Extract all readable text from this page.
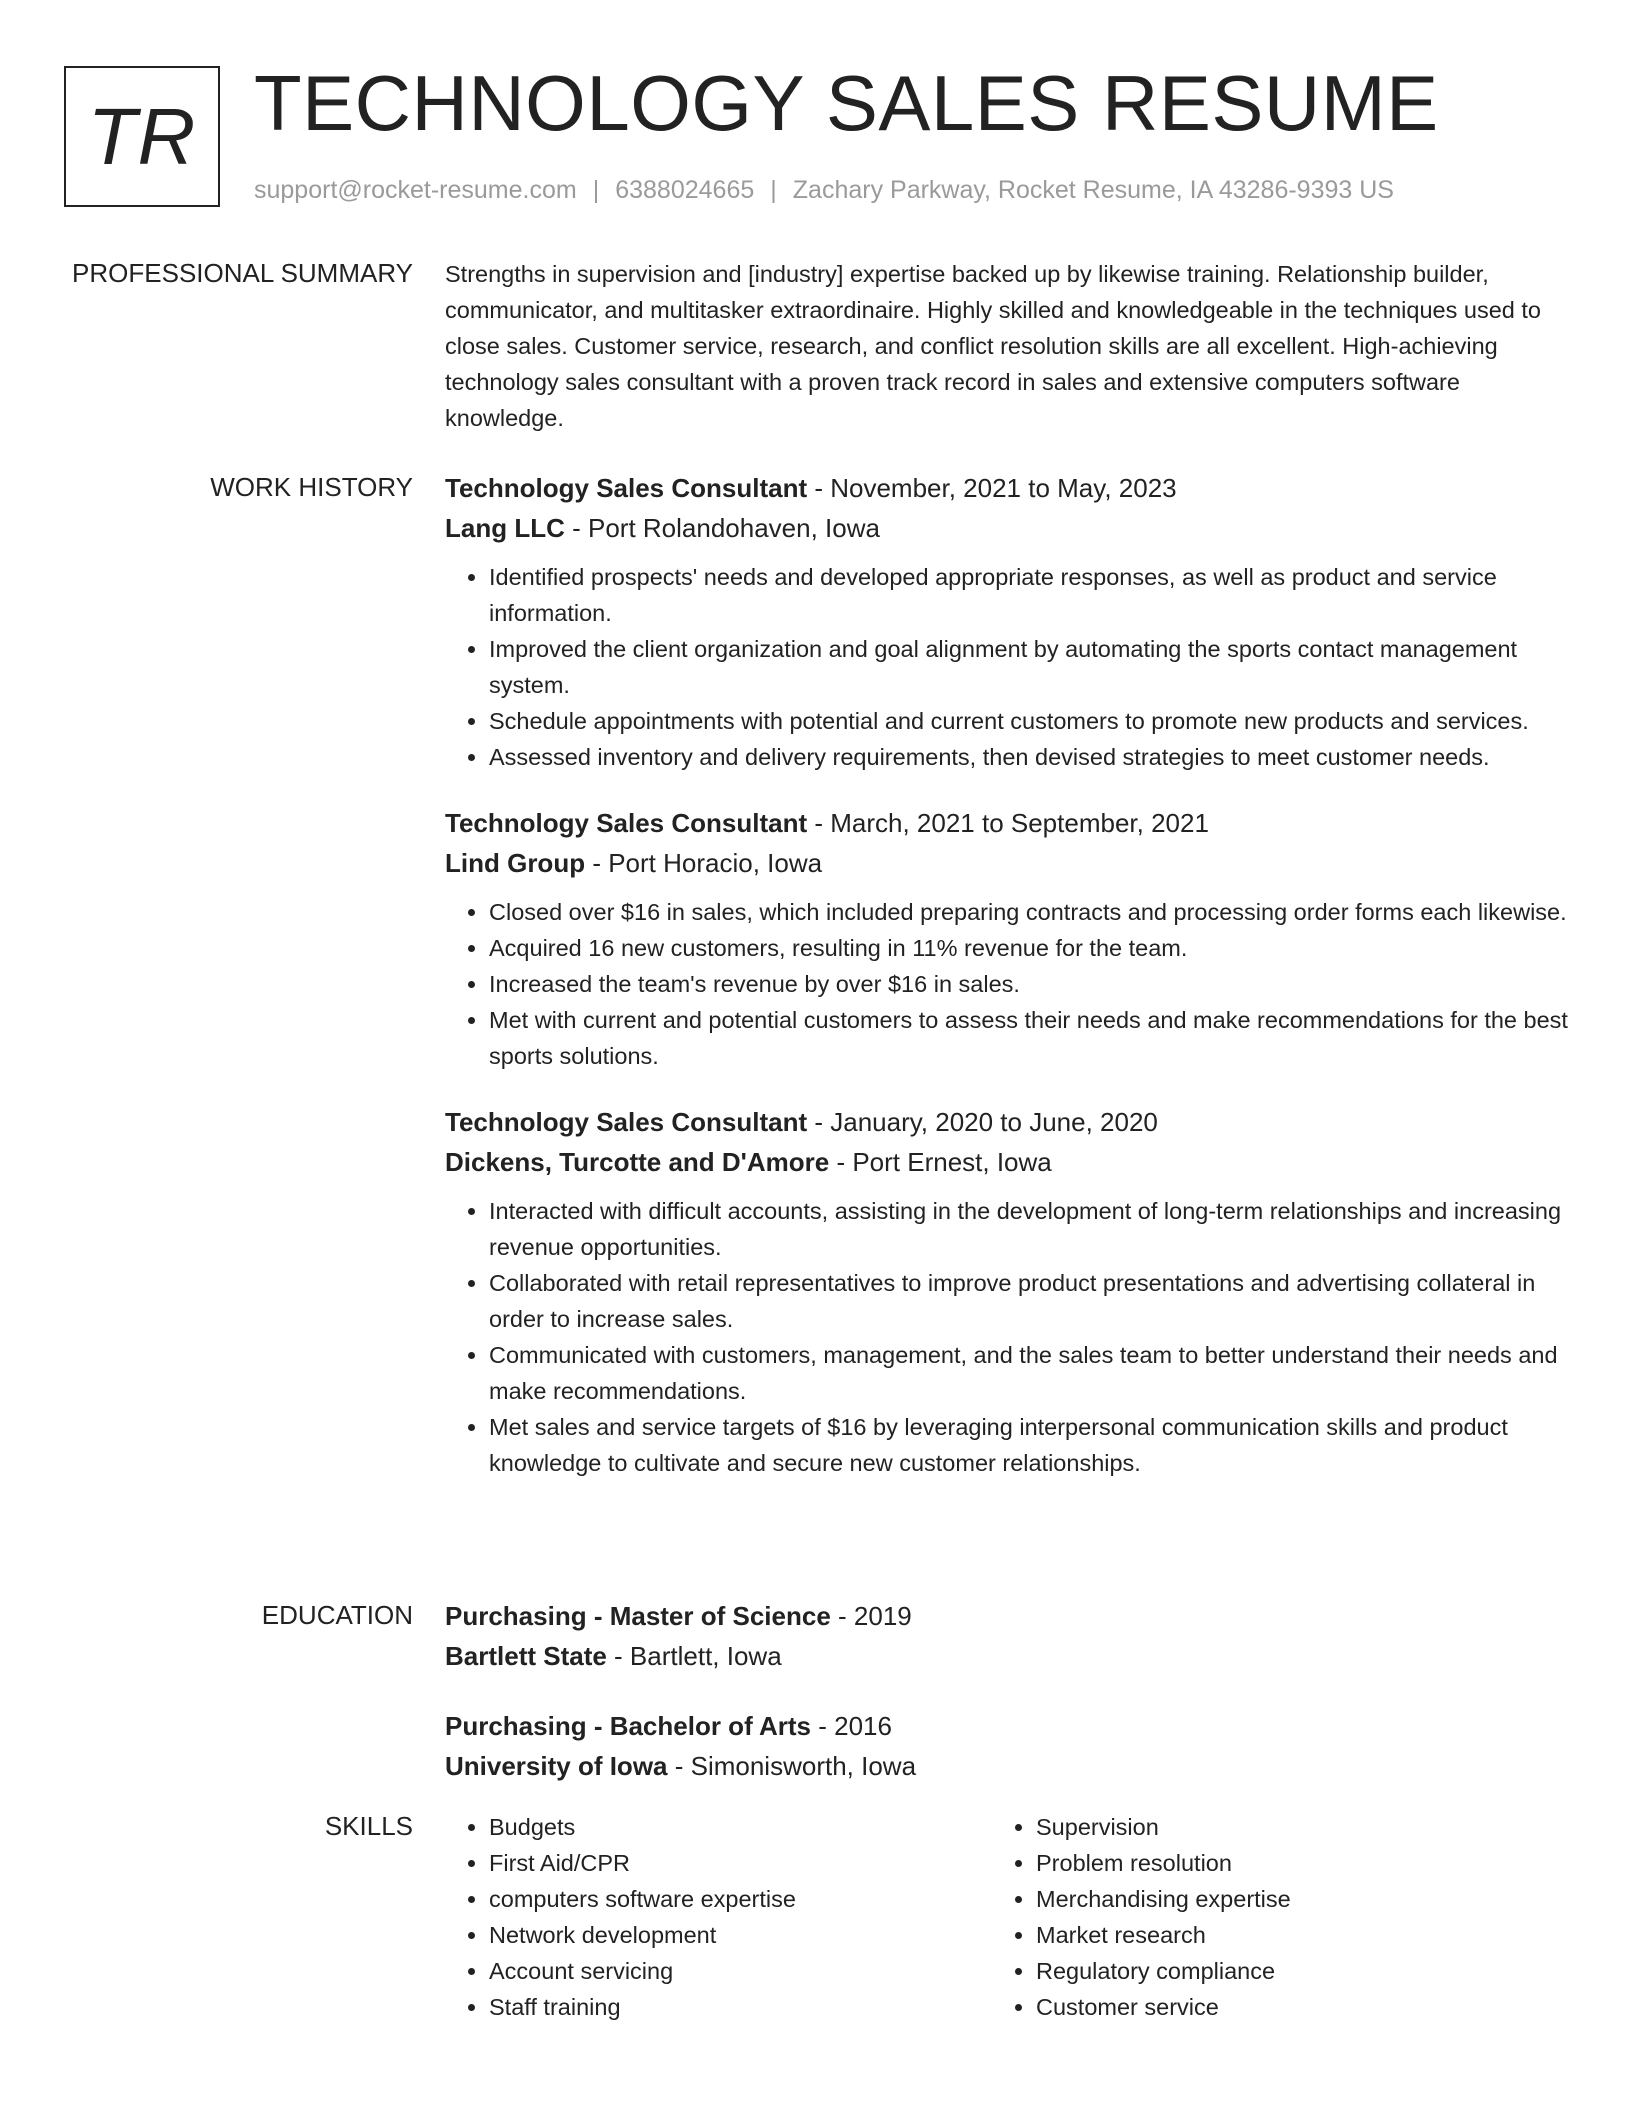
TR TECHNOLOGY SALES RESUME
support@rocket-resume.com | 6388024665 | Zachary Parkway, Rocket Resume, IA 43286-9393 US
PROFESSIONAL SUMMARY Strengths in supervision and [industry] expertise backed up by likewise training. Relationship builder, communicator, and multitasker extraordinaire. Highly skilled and knowledgeable in the techniques used to close sales. Customer service, research, and conflict resolution skills are all excellent. High-achieving technology sales consultant with a proven track record in sales and extensive computers software knowledge.

WORK HISTORY Technology Sales Consultant - November, 2021 to May, 2023
Lang LLC - Port Rolandohaven, Iowa
• Identified prospects' needs and developed appropriate responses, as well as product and service information.
• Improved the client organization and goal alignment by automating the sports contact management system.
• Schedule appointments with potential and current customers to promote new products and services.
• Assessed inventory and delivery requirements, then devised strategies to meet customer needs.
Technology Sales Consultant - March, 2021 to September, 2021
Lind Group - Port Horacio, Iowa
• Closed over $16 in sales, which included preparing contracts and processing order forms each likewise.
• Acquired 16 new customers, resulting in 11% revenue for the team.
• Increased the team's revenue by over $16 in sales.
• Met with current and potential customers to assess their needs and make recommendations for the best sports solutions.
Technology Sales Consultant - January, 2020 to June, 2020
Dickens, Turcotte and D'Amore - Port Ernest, Iowa
• Interacted with difficult accounts, assisting in the development of long-term relationships and increasing revenue opportunities.
• Collaborated with retail representatives to improve product presentations and advertising collateral in order to increase sales.
• Communicated with customers, management, and the sales team to better understand their needs and make recommendations.
• Met sales and service targets of $16 by leveraging interpersonal communication skills and product knowledge to cultivate and secure new customer relationships.
EDUCATION Purchasing - Master of Science - 2019
Bartlett State - Bartlett, Iowa
Purchasing - Bachelor of Arts - 2016
University of Iowa - Simonisworth, Iowa
SKILLS
•	Budgets
• First Aid/CPR
• computers software expertise
• Network development
• Account servicing
• Staff training
• Supervision
• Problem resolution
• Merchandising expertise
• Market research
• Regulatory compliance
• Customer service
